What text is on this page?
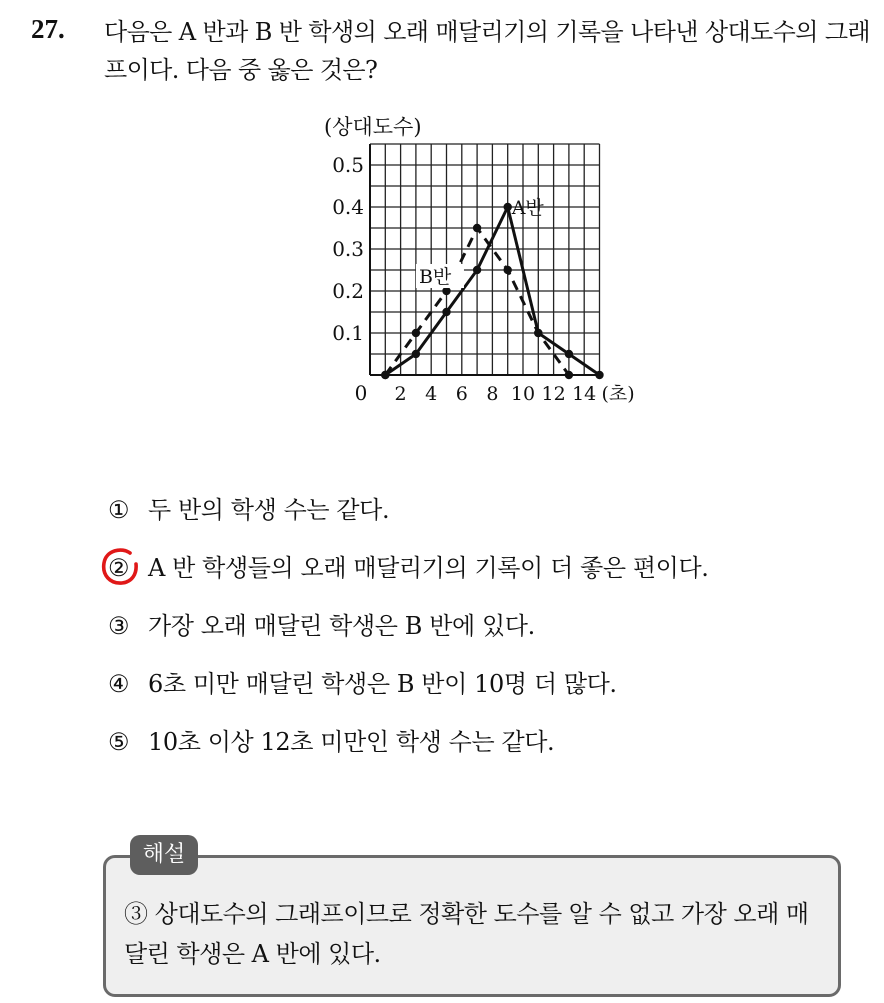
27. 다음은 A 반과 B 반 학생의 오래 매달리기의 기록을 나타낸 상대도수의 그래프이다. 다음 중 옳은 것은?
0.1
0.2
0.3
0.4
0.5
2 4 6 8 10 12 14
0
(상대도수)
(초)
A반
B반
① 두 반의 학생 수는 같다.
② A 반 학생들의 오래 매달리기의 기록이 더 좋은 편이다.
③ 가장 오래 매달린 학생은 B 반에 있다.
④ 6초 미만 매달린 학생은 B 반이 10명 더 많다.
⑤ 10초 이상 12초 미만인 학생 수는 같다.
해설
③ 상대도수의 그래프이므로 정확한 도수를 알 수 없고 가장 오래 매달린 학생은 A 반에 있다.
